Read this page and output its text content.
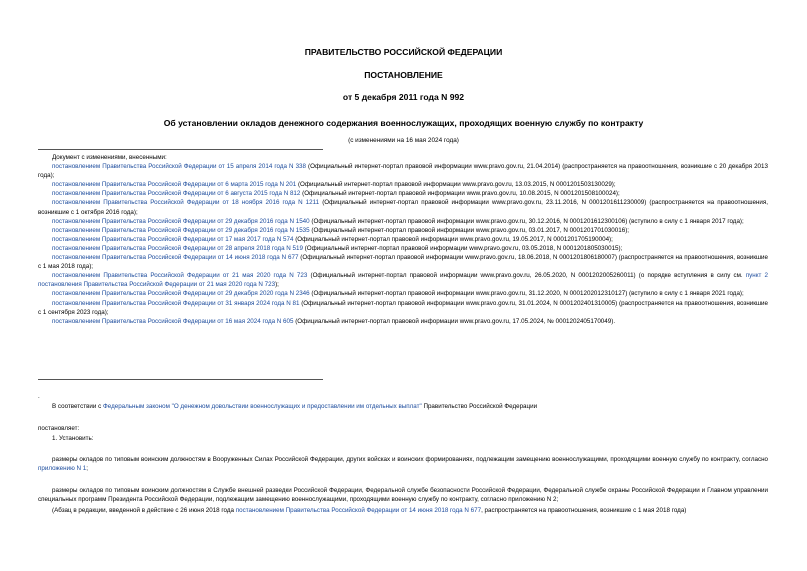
ПРАВИТЕЛЬСТВО РОССИЙСКОЙ ФЕДЕРАЦИИ
ПОСТАНОВЛЕНИЕ
от 5 декабря 2011 года N 992
Об установлении окладов денежного содержания военнослужащих, проходящих военную службу по контракту
(с изменениями на 16 мая 2024 года)

Документ с изменениями, внесенными:

постановлением Правительства Российской Федерации от 15 апреля 2014 года N 338 (Официальный интернет-портал правовой информации www.pravo.gov.ru, 21.04.2014) (распространяется на правоотношения, возникшие с 20 декабря 2013 года);

постановлением Правительства Российской Федерации от 6 марта 2015 года N 201 (Официальный интернет-портал правовой информации www.pravo.gov.ru, 13.03.2015, N 0001201503130029);

постановлением Правительства Российской Федерации от 6 августа 2015 года N 812 (Официальный интернет-портал правовой информации www.pravo.gov.ru, 10.08.2015, N 0001201508100024);

постановлением Правительства Российской Федерации от 18 ноября 2016 года N 1211 (Официальный интернет-портал правовой информации www.pravo.gov.ru, 23.11.2016, N 0001201611230009) (распространяется на правоотношения, возникшие с 1 октября 2016 года);

постановлением Правительства Российской Федерации от 29 декабря 2016 года N 1540 (Официальный интернет-портал правовой информации www.pravo.gov.ru, 30.12.2016, N 0001201612300106) (вступило в силу с 1 января 2017 года);

постановлением Правительства Российской Федерации от 29 декабря 2016 года N 1535 (Официальный интернет-портал правовой информации www.pravo.gov.ru, 03.01.2017, N 0001201701030016);

постановлением Правительства Российской Федерации от 17 мая 2017 года N 574 (Официальный интернет-портал правовой информации www.pravo.gov.ru, 19.05.2017, N 0001201705190004);

постановлением Правительства Российской Федерации от 28 апреля 2018 года N 519 (Официальный интернет-портал правовой информации www.pravo.gov.ru, 03.05.2018, N 0001201805030015);

постановлением Правительства Российской Федерации от 14 июня 2018 года N 677 (Официальный интернет-портал правовой информации www.pravo.gov.ru, 18.06.2018, N 0001201806180007) (распространяется на правоотношения, возникшие с 1 мая 2018 года);

постановлением Правительства Российской Федерации от 21 мая 2020 года N 723 (Официальный интернет-портал правовой информации www.pravo.gov.ru, 26.05.2020, N 0001202005260011) (о порядке вступления в силу см. пункт 2 постановления Правительства Российской Федерации от 21 мая 2020 года N 723);

постановлением Правительства Российской Федерации от 29 декабря 2020 года N 2346 (Официальный интернет-портал правовой информации www.pravo.gov.ru, 31.12.2020, N 0001202012310127) (вступило в силу с 1 января 2021 года);

постановлением Правительства Российской Федерации от 31 января 2024 года N 81 (Официальный интернет-портал правовой информации www.pravo.gov.ru, 31.01.2024, N 0001202401310005) (распространяется на правоотношения, возникшие с 1 сентября 2023 года);

постановлением Правительства Российской Федерации от 16 мая 2024 года N 605 (Официальный интернет-портал правовой информации www.pravo.gov.ru, 17.05.2024, № 0001202405170049).

.

В соответствии с Федеральным законом "О денежном довольствии военнослужащих и предоставлении им отдельных выплат" Правительство Российской Федерации

постановляет:

1. Установить:

размеры окладов по типовым воинским должностям в Вооруженных Силах Российской Федерации, других войсках и воинских формированиях, подлежащим замещению военнослужащими, проходящими военную службу по контракту, согласно приложению N 1;

размеры окладов по типовым воинским должностям в Службе внешней разведки Российской Федерации, Федеральной службе безопасности Российской Федерации, Федеральной службе охраны Российской Федерации и Главном управлении специальных программ Президента Российской Федерации, подлежащим замещению военнослужащими, проходящими военную службу по контракту, согласно приложению N 2;

(Абзац в редакции, введенной в действие с 26 июня 2018 года постановлением Правительства Российской Федерации от 14 июня 2018 года N 677, распространяется на правоотношения, возникшие с 1 мая 2018 года)
